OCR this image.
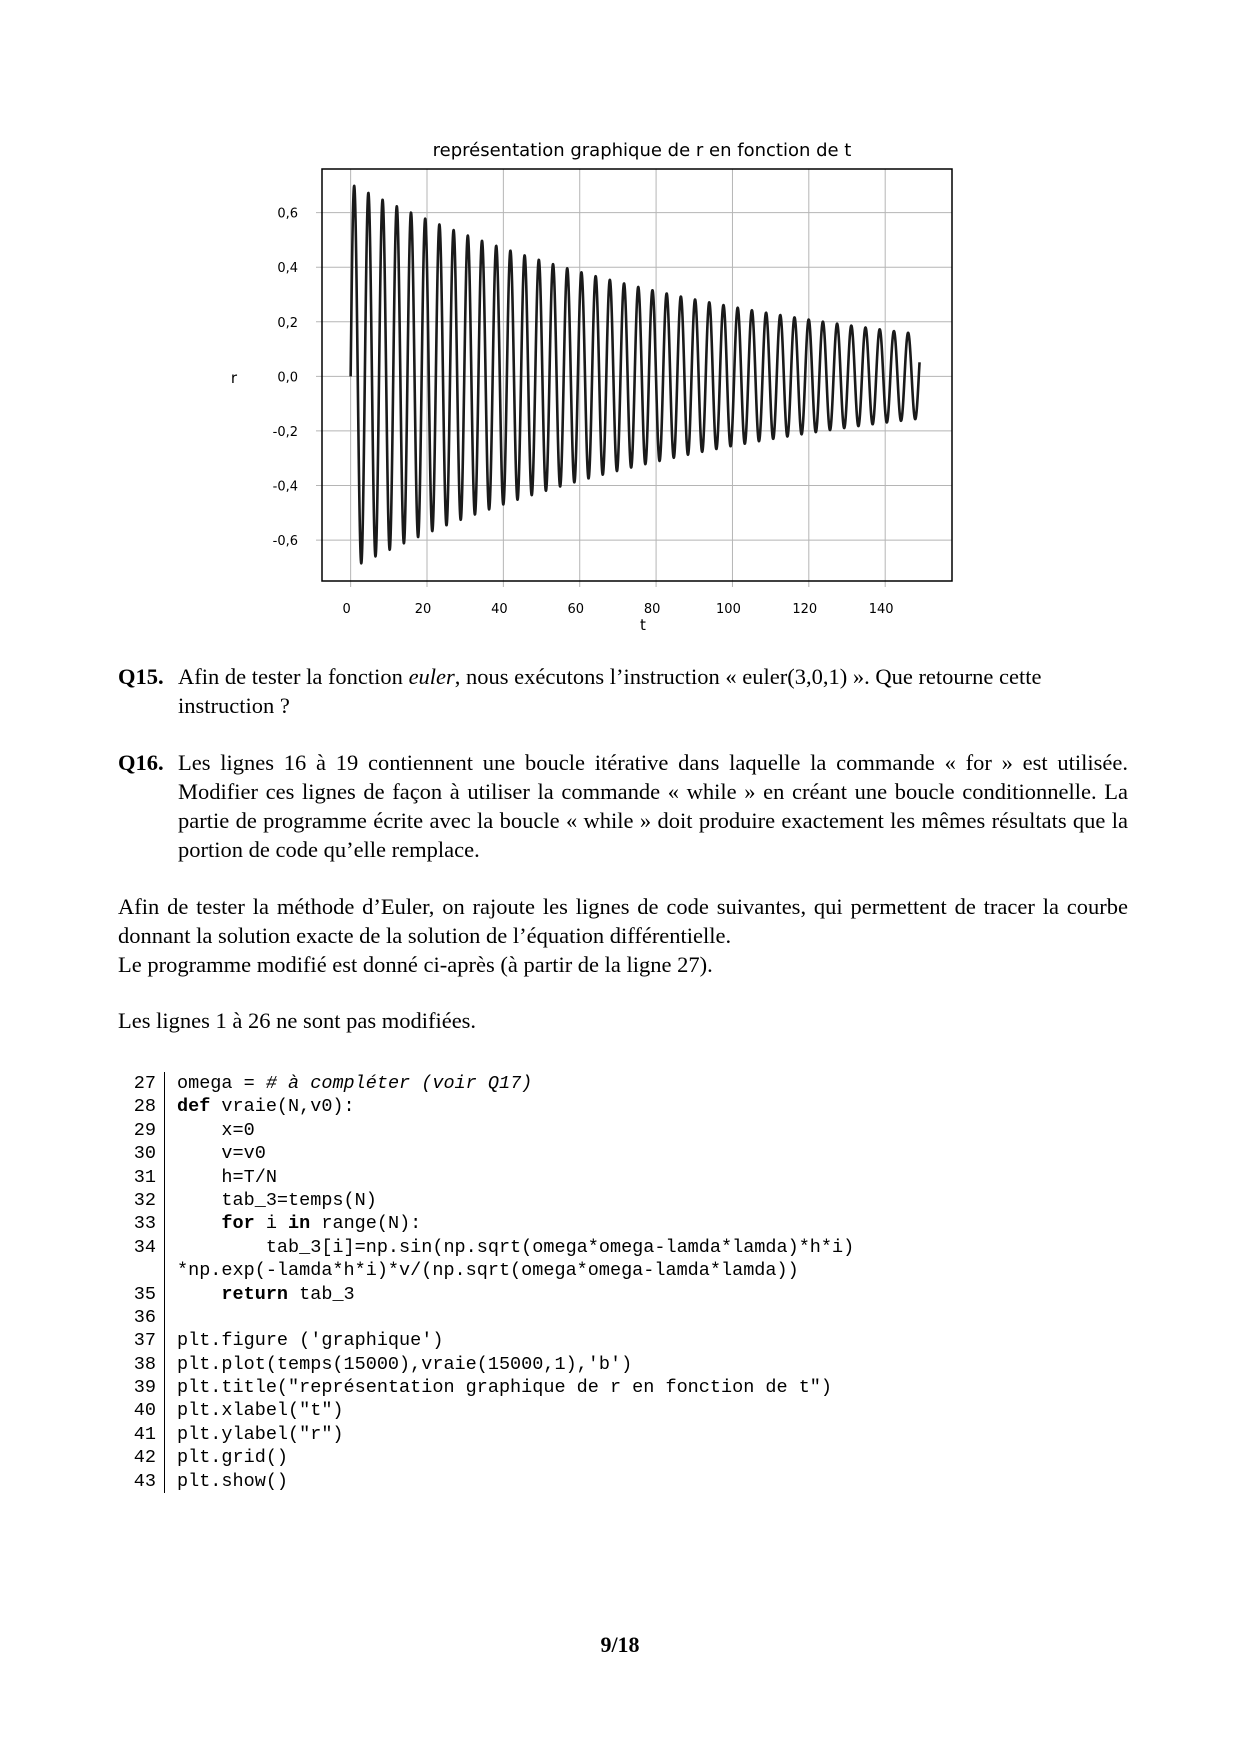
représentation graphique de r en fonction de t
0,6
0,4
0,2
0,0
-0,2
-0,4
-0,6
0	20	40	60	80	100	120	140
t
r
Q15. Afin de tester la fonction euler, nous exécutons l’instruction « euler(3,0,1) ». Que retourne cette
instruction ?
Q16. Les lignes 16 à 19 contiennent une boucle itérative dans laquelle la commande « for » est utilisée. Modifier ces lignes de façon à utiliser la commande « while » en créant une boucle conditionnelle. La partie de programme écrite avec la boucle « while » doit produire exactement les mêmes résultats que la portion de code qu’elle remplace.
Afin de tester la méthode d’Euler, on rajoute les lignes de code suivantes, qui permettent de tracer la courbe donnant la solution exacte de la solution de l’équation différentielle.
Le programme modifié est donné ci-après (à partir de la ligne 27).
Les lignes 1 à 26 ne sont pas modifiées.
27	omega = # à compléter (voir Q17)
28	def vraie(N,v0):
29	x=0
30	v=v0
31	h=T/N
32	tab_3=temps(N)
33	for i in range(N):
34	tab_3[i]=np.sin(np.sqrt(omega*omega-lamda*lamda)*h*i)
*np.exp(-lamda*h*i)*v/(np.sqrt(omega*omega-lamda*lamda))
35	return tab_3
36
37	plt.figure ('graphique')
38	plt.plot(temps(15000),vraie(15000,1),'b')
39	plt.title("représentation graphique de r en fonction de t")
40	plt.xlabel("t")
41	plt.ylabel("r")
42	plt.grid()
43	plt.show()
9/18
